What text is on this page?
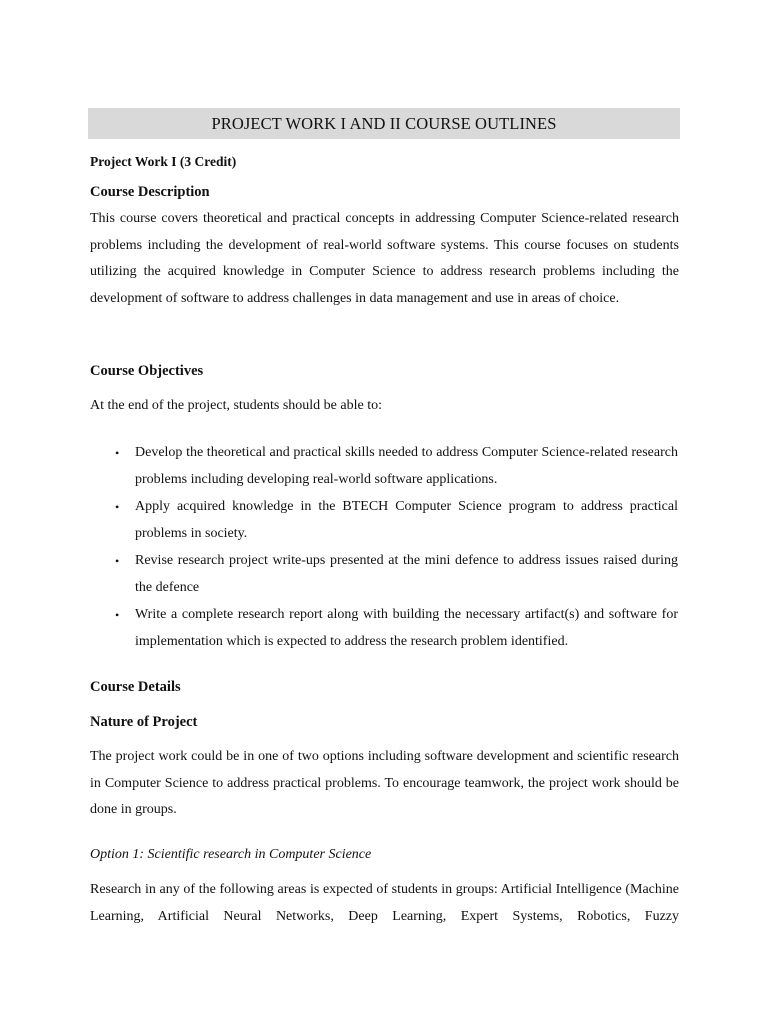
PROJECT WORK I AND II COURSE OUTLINES
Project Work I (3 Credit)
Course Description
This course covers theoretical and practical concepts in addressing Computer Science-related research problems including the development of real-world software systems. This course focuses on students utilizing the acquired knowledge in Computer Science to address research problems including the development of software to address challenges in data management and use in areas of choice.
Course Objectives
At the end of the project, students should be able to:
• Develop the theoretical and practical skills needed to address Computer Science-related research problems including developing real-world software applications.
• Apply acquired knowledge in the BTECH Computer Science program to address practical problems in society.
• Revise research project write-ups presented at the mini defence to address issues raised during the defence
• Write a complete research report along with building the necessary artifact(s) and software for implementation which is expected to address the research problem identified.
Course Details
Nature of Project
The project work could be in one of two options including software development and scientific research in Computer Science to address practical problems. To encourage teamwork, the project work should be done in groups.
Option 1: Scientific research in Computer Science
Research in any of the following areas is expected of students in groups: Artificial Intelligence (Machine Learning, Artificial Neural Networks, Deep Learning, Expert Systems, Robotics, Fuzzy
